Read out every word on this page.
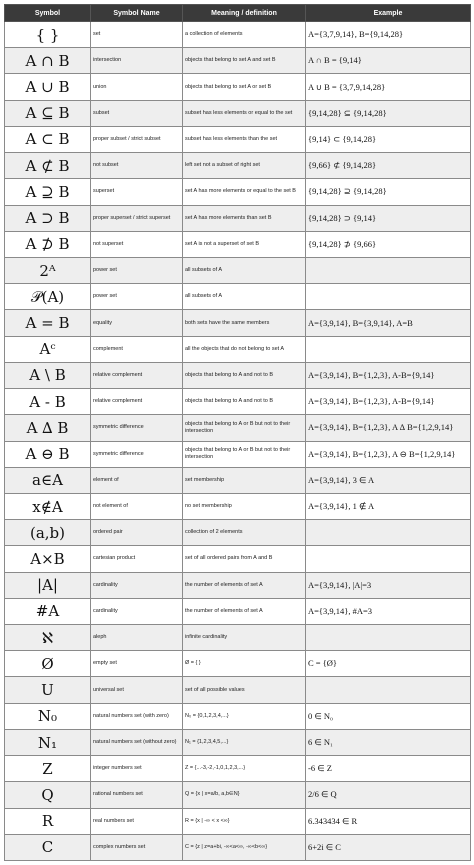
Symbol	Symbol Name	Meaning / definition	Example
{ }	set	a collection of elements	A={3,7,9,14}, B={9,14,28}
A ∩ B	intersection	objects that belong to set A and set B	A ∩ B = {9,14}
A ∪ B	union	objects that belong to set A or set B	A ∪ B = {3,7,9,14,28}
A ⊆ B	subset	subset has less elements or equal to the set	{9,14,28} ⊆ {9,14,28}
A ⊂ B	proper subset / strict subset	subset has less elements than the set	{9,14} ⊂ {9,14,28}
A ⊄ B	not subset	left set not a subset of right set	{9,66} ⊄ {9,14,28}
A ⊇ B	superset	set A has more elements or equal to the set B	{9,14,28} ⊇ {9,14,28}
A ⊃ B	proper superset / strict superset	set A has more elements than set B	{9,14,28} ⊃ {9,14}
A ⊅ B	not superset	set A is not a superset of set B	{9,14,28} ⊅ {9,66}
2ᴬ	power set	all subsets of A	
𝒫(A)	power set	all subsets of A	
A = B	equality	both sets have the same members	A={3,9,14}, B={3,9,14}, A=B
Aᶜ	complement	all the objects that do not belong to set A	
A \ B	relative complement	objects that belong to A and not to B	A={3,9,14}, B={1,2,3}, A-B={9,14}
A - B	relative complement	objects that belong to A and not to B	A={3,9,14}, B={1,2,3}, A-B={9,14}
A ∆ B	symmetric difference	objects that belong to A or B but not to their intersection	A={3,9,14}, B={1,2,3}, A ∆ B={1,2,9,14}
A ⊖ B	symmetric difference	objects that belong to A or B but not to their intersection	A={3,9,14}, B={1,2,3}, A ⊖ B={1,2,9,14}
a∈A	element of	set membership	A={3,9,14}, 3 ∈ A
x∉A	not element of	no set membership	A={3,9,14}, 1 ∉ A
(a,b)	ordered pair	collection of 2 elements	
A×B	cartesian product	set of all ordered pairs from A and B	
|A|	cardinality	the number of elements of set A	A={3,9,14}, |A|=3
#A	cardinality	the number of elements of set A	A={3,9,14}, #A=3
ℵ	aleph	infinite cardinality	
Ø	empty set	Ø = { }	C = {Ø}
U	universal set	set of all possible values	
N₀	natural numbers set (with zero)	N₀ = {0,1,2,3,4,...}	0 ∈ N₀
N₁	natural numbers set (without zero)	N₁ = {1,2,3,4,5,...}	6 ∈ N₁
Z	integer numbers set	Z = {...-3,-2,-1,0,1,2,3,...}	-6 ∈ Z
Q	rational numbers set	Q = {x | x=a/b, a,b∈N}	2/6 ∈ Q
R	real numbers set	R = {x | -∞ < x <∞}	6.343434 ∈ R
C	complex numbers set	C = {z | z=a+bi, -∞<a<∞, -∞<b<∞}	6+2i ∈ C
